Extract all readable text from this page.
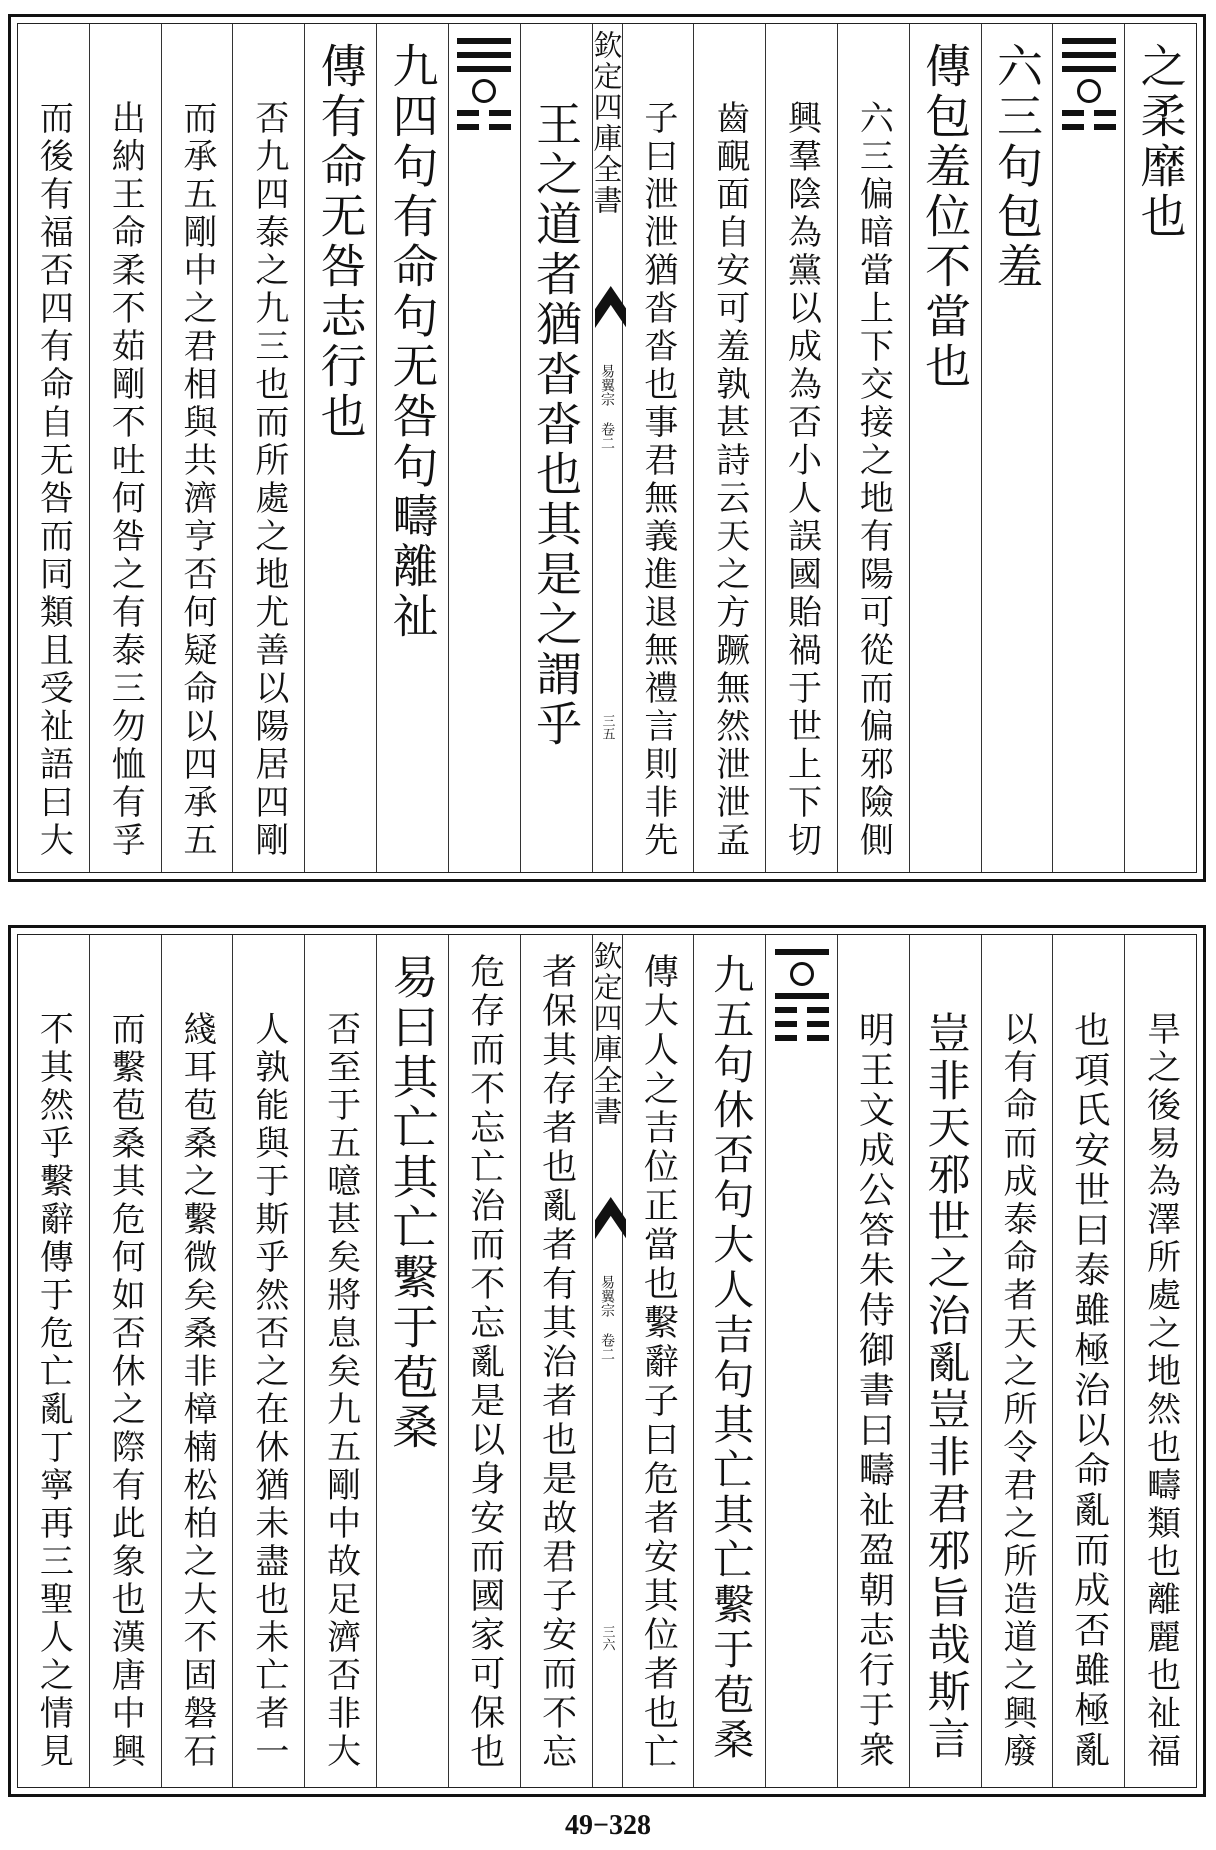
之柔靡也
六三句包羞
傳包羞位不當也
六三偏暗當上下交接之地有陽可從而偏邪險側
興羣陰為黨以成為否小人誤國貽禍于世上下切
齒靦面自安可羞孰甚詩云天之方蹶無然泄泄孟
子曰泄泄猶沓沓也事君無義進退無禮言則非先
欽定四庫全書
易翼宗 卷二
三五
王之道者猶沓沓也其是之謂乎
九四句有命句无咎句疇離祉
傳有命无咎志行也
否九四泰之九三也而所處之地尤善以陽居四剛
而承五剛中之君相與共濟亨否何疑命以四承五
出納王命柔不茹剛不吐何咎之有泰三勿恤有孚
而後有福否四有命自无咎而同類且受祉語曰大
旱之後易為澤所處之地然也疇類也離麗也祉福
也項氏安世曰泰雖極治以命亂而成否雖極亂
以有命而成泰命者天之所令君之所造道之興廢
豈非天邪世之治亂豈非君邪旨哉斯言
明王文成公答朱侍御書曰疇祉盈朝志行于衆
九五句休否句大人吉句其亡其亡繫于苞桑
傳大人之吉位正當也繫辭子曰危者安其位者也亡
欽定四庫全書
易翼宗 卷二
三六
者保其存者也亂者有其治者也是故君子安而不忘
危存而不忘亡治而不忘亂是以身安而國家可保也
易曰其亡其亡繫于苞桑
否至于五噫甚矣將息矣九五剛中故足濟否非大
人孰能與于斯乎然否之在休猶未盡也未亡者一
綫耳苞桑之繫微矣桑非樟楠松柏之大不固磐石
而繫苞桑其危何如否休之際有此象也漢唐中興
不其然乎繫辭傳于危亡亂丁寧再三聖人之情見
49−328
